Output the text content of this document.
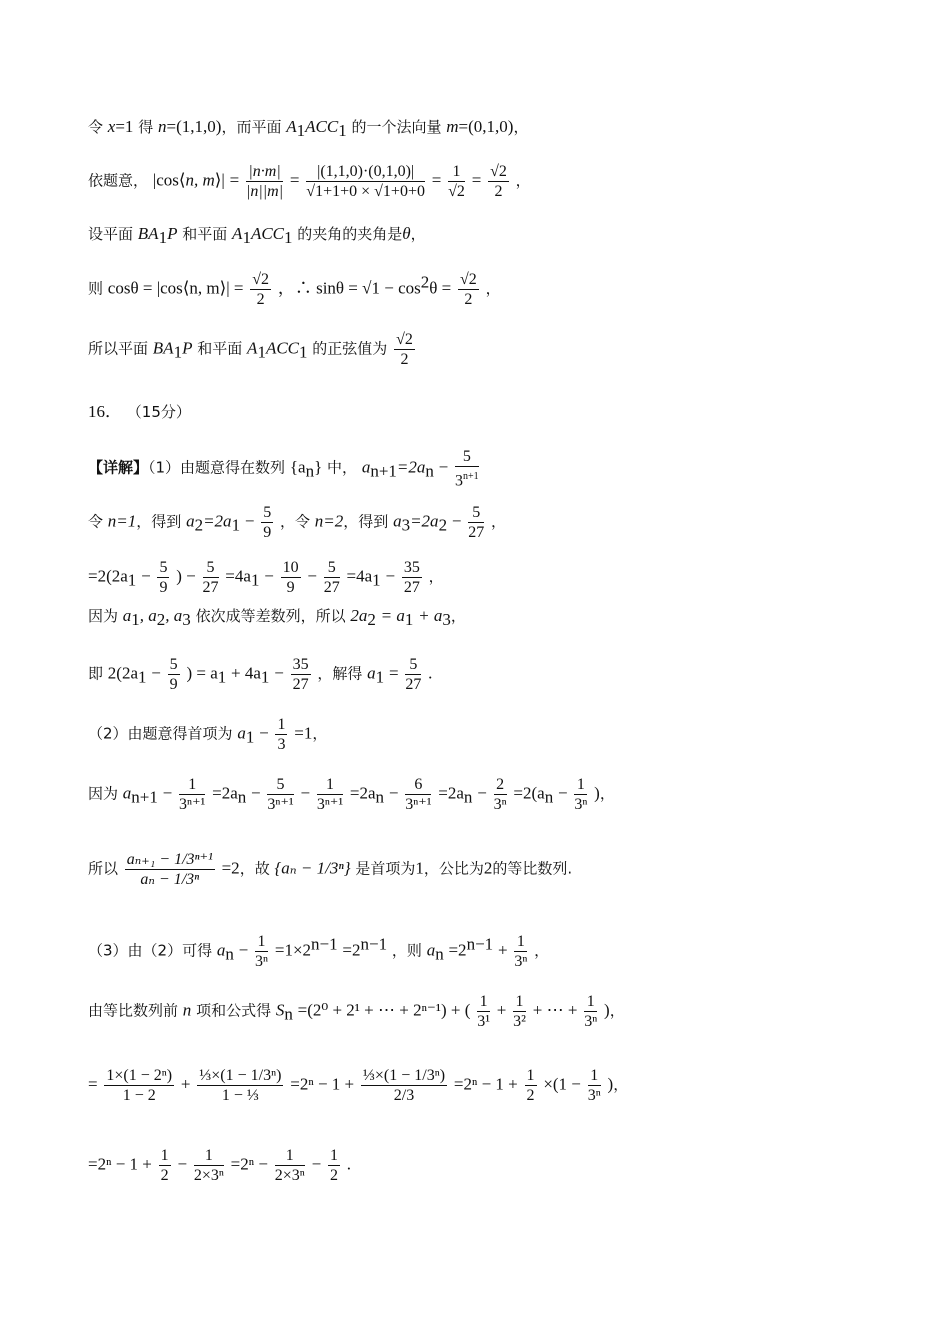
令 x=1 得 n=(1,1,0)，而平面 $A_1ACC_1$ 的一个法向量 m=(0,1,0)，
依题意， |cos⟨n, m⟩| = $\frac{|n\cdot m|}{|n||m|} = \frac{|(1,1,0)\cdot(0,1,0)|}{√1+1+0 \times √1+0+0} = \frac{1}{√2} = \frac{√2}{2}$ ，
设平面 $BA_1P$ 和平面 $A_1ACC_1$ 的夹角的夹角是θ，
则 cosθ = |cos⟨n, m⟩| = $\frac{√2}{2}$ ，∴ $\sin\theta = √1 - \cos^2\theta = \frac{√2}{2}$ ，
所以平面 $BA_1P$ 和平面 $A_1ACC_1$ 的正弦值为 $\frac{√2}{2}$
16． （15分）
【详解】（1）由题意得在数列 $\{a_n\}$ 中， $a_{n+1}=2a_n - \frac{5}{3^{n+1}}$
令 n=1，得到 $a_2=2a_1 - \frac{5}{9}$ ，令 n=2，得到 $a_3=2a_2 - \frac{5}{27}$ ，
$=2(2a_1 - \frac{5}{9}$ ) − $\frac{5}{27} =4a_1 - \frac{10}{9} - \frac{5}{27} =4a_1 - \frac{35}{27}$ ，
因为 $a_1$, $a_2$, $a_3$ 依次成等差数列，所以 $2a_2 = a_1 + a_3$，
即 $2(2a_1 - \frac{5}{9}$ ) = $a_1 + 4a_1 - \frac{35}{27}$ ，解得 $a_1 = \frac{5}{27}$ .
（2）由题意得首项为 $a_1 - \frac{1}{3} =1$，
因为 $a_{n+1} - \frac{1}{\text{3ⁿ⁺¹}} =2a_n - \frac{5}{\text{3ⁿ⁺¹}} - \frac{1}{\text{3ⁿ⁺¹}} =2a_n - \frac{6}{\text{3ⁿ⁺¹}} =2a_n - \frac{2}{\text{3ⁿ}} =2(a_n - \frac{1}{\text{3ⁿ}}$ )，
所以 $\frac{\text{aₙ₊₁ − 1/3ⁿ⁺¹}}{\text{aₙ − 1/3ⁿ}} =2$，故 {aₙ − 1/3ⁿ} 是首项为1，公比为2的等比数列.
（3）由（2）可得 $a_n - \frac{1}{\text{3ⁿ}} =1\times 2^{n-1} =2^{n-1}$ ，则 $a_n =2^{n-1} + \frac{1}{\text{3ⁿ}}$ ，
由等比数列前 n 项和公式得 $S_n =(2^0 + 2^1$ + ⋯ + 2ⁿ⁻¹) + ( $\frac{1}{\text{3¹}} + \frac{1}{\text{3²}}$ + ⋯ + $\frac{1}{\text{3ⁿ}}$ )，
= $\frac{\text{1×(1 − 2ⁿ)}}{1 - 2} + \frac{\text{⅓×(1 − 1/3ⁿ)}}{\text{1 − ⅓}} =2^n - 1 + \frac{\text{⅓×(1 − 1/3ⁿ)}}{2/3} =2^n - 1 + \frac{1}{2} \times(1 - \frac{1}{\text{3ⁿ}}$ )，
$=2^n - 1 + \frac{1}{2} - \frac{1}{\text{2×3ⁿ}} =2^n - \frac{1}{\text{2×3ⁿ}} - \frac{1}{2}$ .
